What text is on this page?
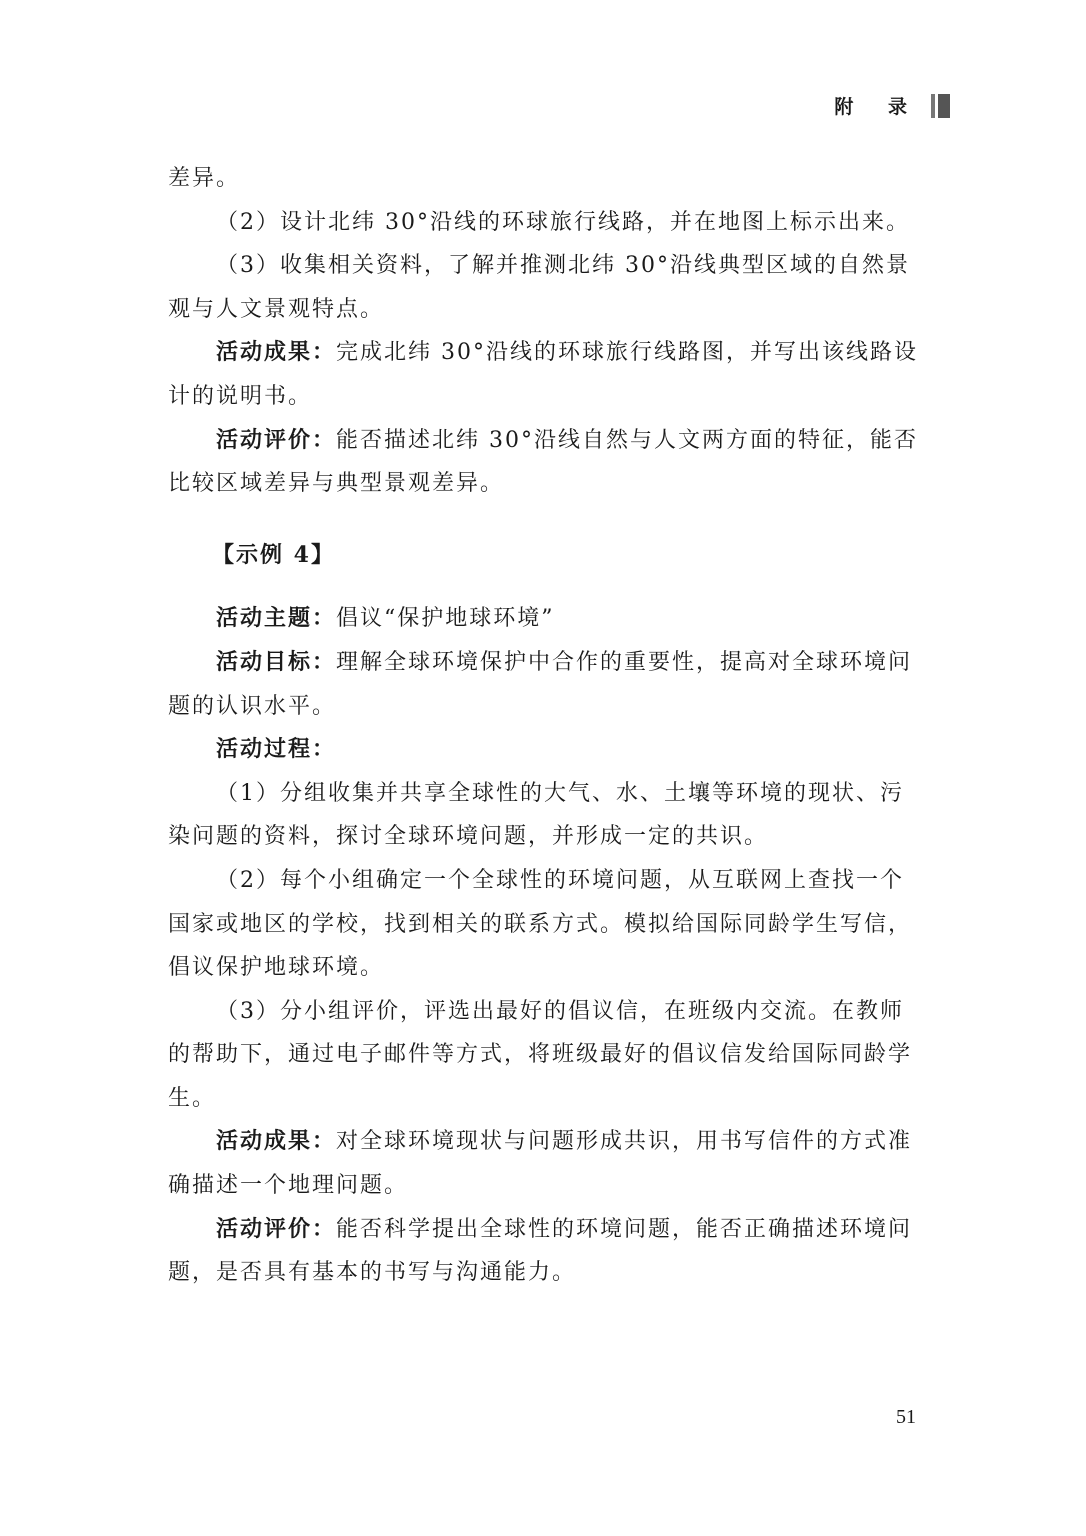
附 录

差异。

（2）设计北纬 30°沿线的环球旅行线路，并在地图上标示出来。

（3）收集相关资料，了解并推测北纬 30°沿线典型区域的自然景观与人文景观特点。

活动成果：完成北纬 30°沿线的环球旅行线路图，并写出该线路设计的说明书。

活动评价：能否描述北纬 30°沿线自然与人文两方面的特征，能否比较区域差异与典型景观差异。

【示例 4】

活动主题：倡议“保护地球环境”

活动目标：理解全球环境保护中合作的重要性，提高对全球环境问题的认识水平。

活动过程：

（1）分组收集并共享全球性的大气、水、土壤等环境的现状、污染问题的资料，探讨全球环境问题，并形成一定的共识。

（2）每个小组确定一个全球性的环境问题，从互联网上查找一个国家或地区的学校，找到相关的联系方式。模拟给国际同龄学生写信，倡议保护地球环境。

（3）分小组评价，评选出最好的倡议信，在班级内交流。在教师的帮助下，通过电子邮件等方式，将班级最好的倡议信发给国际同龄学生。

活动成果：对全球环境现状与问题形成共识，用书写信件的方式准确描述一个地理问题。

活动评价：能否科学提出全球性的环境问题，能否正确描述环境问题，是否具有基本的书写与沟通能力。

51
